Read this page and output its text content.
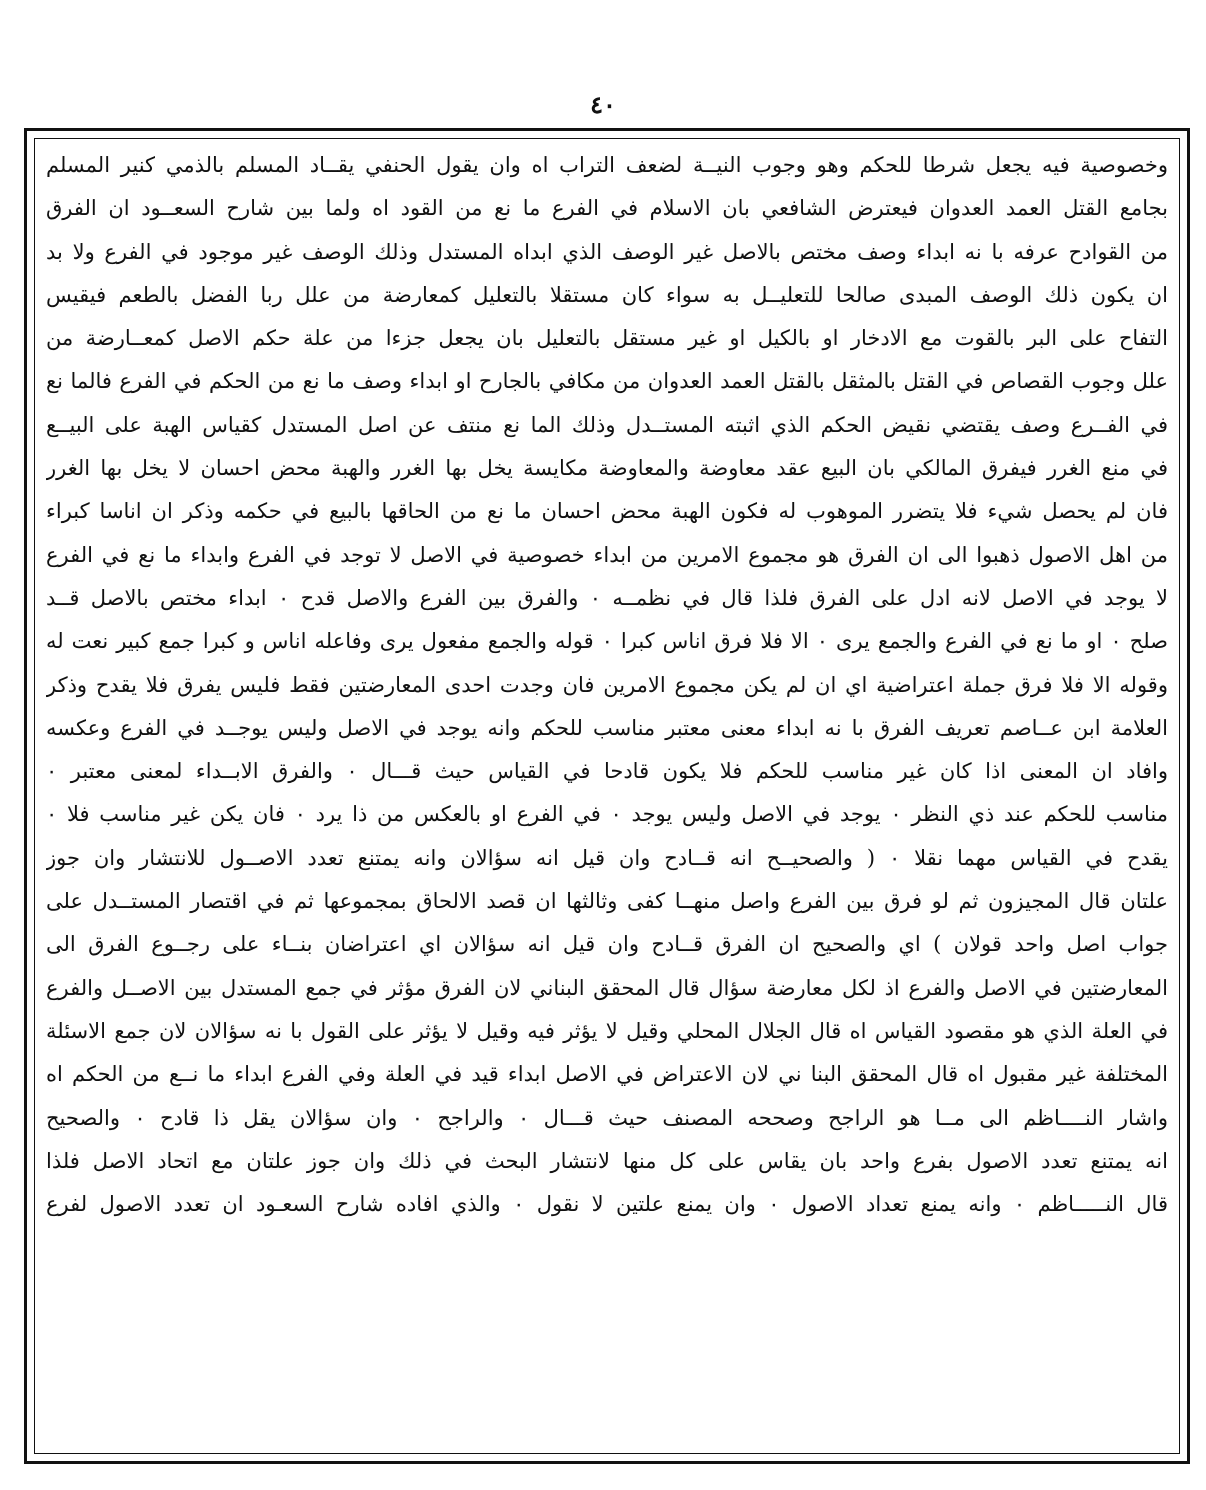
٤٠
وخصوصية فيه يجعل شرطا للحكم وهو وجوب النيــة لضعف التراب اه وان يقول الحنفي يقــاد المسلم بالذمي كنير المسلم
بجامع القتل العمد العدوان فيعترض الشافعي بان الاسلام في الفرع ما نع من القود اه ولما بين شارح السعــود ان الفرق
من القوادح عرفه با نه ابداء وصف مختص بالاصل غير الوصف الذي ابداه المستدل وذلك الوصف غير موجود في الفرع ولا بد
ان يكون ذلك الوصف المبدى صالحا للتعليــل به سواء كان مستقلا بالتعليل كمعارضة من علل ربا الفضل بالطعم فيقيس
التفاح على البر بالقوت مع الادخار او بالكيل او غير مستقل بالتعليل بان يجعل جزءا من علة حكم الاصل كمعــارضة من
علل وجوب القصاص في القتل بالمثقل بالقتل العمد العدوان من مكافي بالجارح او ابداء وصف ما نع من الحكم في الفرع فالما نع
في الفــرع وصف يقتضي نقيض الحكم الذي اثبته المستــدل وذلك الما نع منتف عن اصل المستدل كقياس الهبة على البيــع
في منع الغرر فيفرق المالكي بان البيع عقد معاوضة والمعاوضة مكايسة يخل بها الغرر والهبة محض احسان لا يخل بها الغرر
فان لم يحصل شيء فلا يتضرر الموهوب له فكون الهبة محض احسان ما نع من الحاقها بالبيع في حكمه وذكر ان اناسا كبراء
من اهل الاصول ذهبوا الى ان الفرق هو مجموع الامرين من ابداء خصوصية في الاصل لا توجد في الفرع وابداء ما نع في الفرع
لا يوجد في الاصل لانه ادل على الفرق فلذا قال في نظمــه ٠ والفرق بين الفرع والاصل قدح ٠ ابداء مختص بالاصل قــد
صلح ٠ او ما نع في الفرع والجمع يرى ٠ الا فلا فرق اناس كبرا ٠ قوله والجمع مفعول يرى وفاعله اناس و كبرا جمع كبير نعت له
وقوله الا فلا فرق جملة اعتراضية اي ان لم يكن مجموع الامرين فان وجدت احدى المعارضتين فقط فليس يفرق فلا يقدح وذكر
العلامة ابن عــاصم تعريف الفرق با نه ابداء معنى معتبر مناسب للحكم وانه يوجد في الاصل وليس يوجــد في الفرع وعكسه
وافاد ان المعنى اذا كان غير مناسب للحكم فلا يكون قادحا في القياس حيث قـــال ٠ والفرق الابــداء لمعنى معتبر ٠
مناسب للحكم عند ذي النظر ٠ يوجد في الاصل وليس يوجد ٠ في الفرع او بالعكس من ذا يرد ٠ فان يكن غير مناسب فلا ٠
يقدح في القياس مهما نقلا ٠ ( والصحيــح انه قــادح وان قيل انه سؤالان وانه يمتنع تعدد الاصــول للانتشار وان جوز
علتان قال المجيزون ثم لو فرق بين الفرع واصل منهــا كفى وثالثها ان قصد الالحاق بمجموعها ثم في اقتصار المستــدل على
جواب اصل واحد قولان ) اي والصحيح ان الفرق قــادح وان قيل انه سؤالان اي اعتراضان بنــاء على رجــوع الفرق الى
المعارضتين في الاصل والفرع اذ لكل معارضة سؤال قال المحقق البناني لان الفرق مؤثر في جمع المستدل بين الاصــل والفرع
في العلة الذي هو مقصود القياس اه قال الجلال المحلي وقيل لا يؤثر فيه وقيل لا يؤثر على القول با نه سؤالان لان جمع الاسئلة
المختلفة غير مقبول اه قال المحقق البنا ني لان الاعتراض في الاصل ابداء قيد في العلة وفي الفرع ابداء ما نــع من الحكم اه
واشار النــــاظم الى مــا هو الراجح وصححه المصنف حيث قـــال ٠ والراجح ٠ وان سؤالان يقل ذا قادح ٠ والصحيح
انه يمتنع تعدد الاصول بفرع واحد بان يقاس على كل منها لانتشار البحث في ذلك وان جوز علتان مع اتحاد الاصل فلذا
قال النـــــاظم ٠ وانه يمنع تعداد الاصول ٠ وان يمنع علتين لا نقول ٠ والذي افاده شارح السعـود ان تعدد الاصول لفرع
